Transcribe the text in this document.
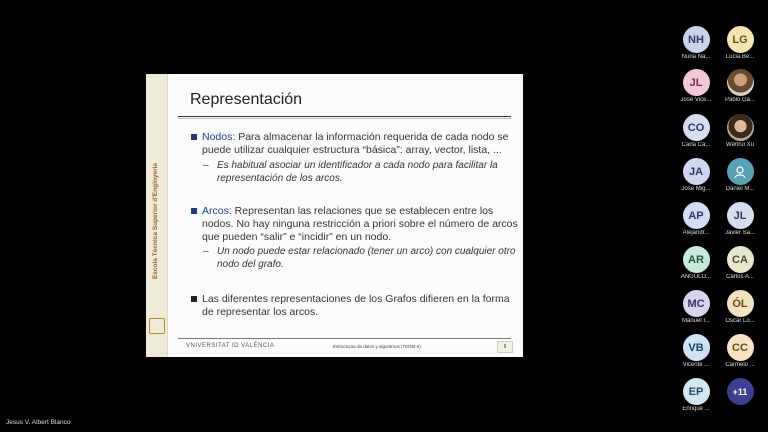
Escola Tècnica Superior d'Enginyeria
Representación
Nodos: Para almacenar la información requerida de cada nodo se puede utilizar cualquier estructura “básica”: array, vector, lista, ...
– Es habitual asociar un identificador a cada nodo para facilitar la representación de los arcos.
Arcos: Representan las relaciones que se establecen entre los nodos. No hay ninguna restricción a priori sobre el número de arcos que pueden “salir” e “incidir” en un nodo.
– Un nodo puede estar relacionado (tener un arco) con cualquier otro nodo del grafo.
Las diferentes representaciones de los Grafos difieren en la forma de representar los arcos.
VNIVERSITAT ID VALÈNCIA	Estructuras de datos y algoritmos (TEDM-II)	II
NH
Nuria Na...
LG
Lucia Be...
JL
Jose Vice...	Pablo Ga...
CO
Carla Ca...	Wenrui Xu
JA
Jose Mig...	Daniel M...
AP
Alejandr...
JL
Javier Sa...
AR
ANGULO...
CA
Carlos A...
MC
Manuel I...
ÓL
Óscar Lo...
VB
Vicente ...
CC
Carmelo ...
EP
Enrique ...
+11
Jesus V. Albert Blanco
